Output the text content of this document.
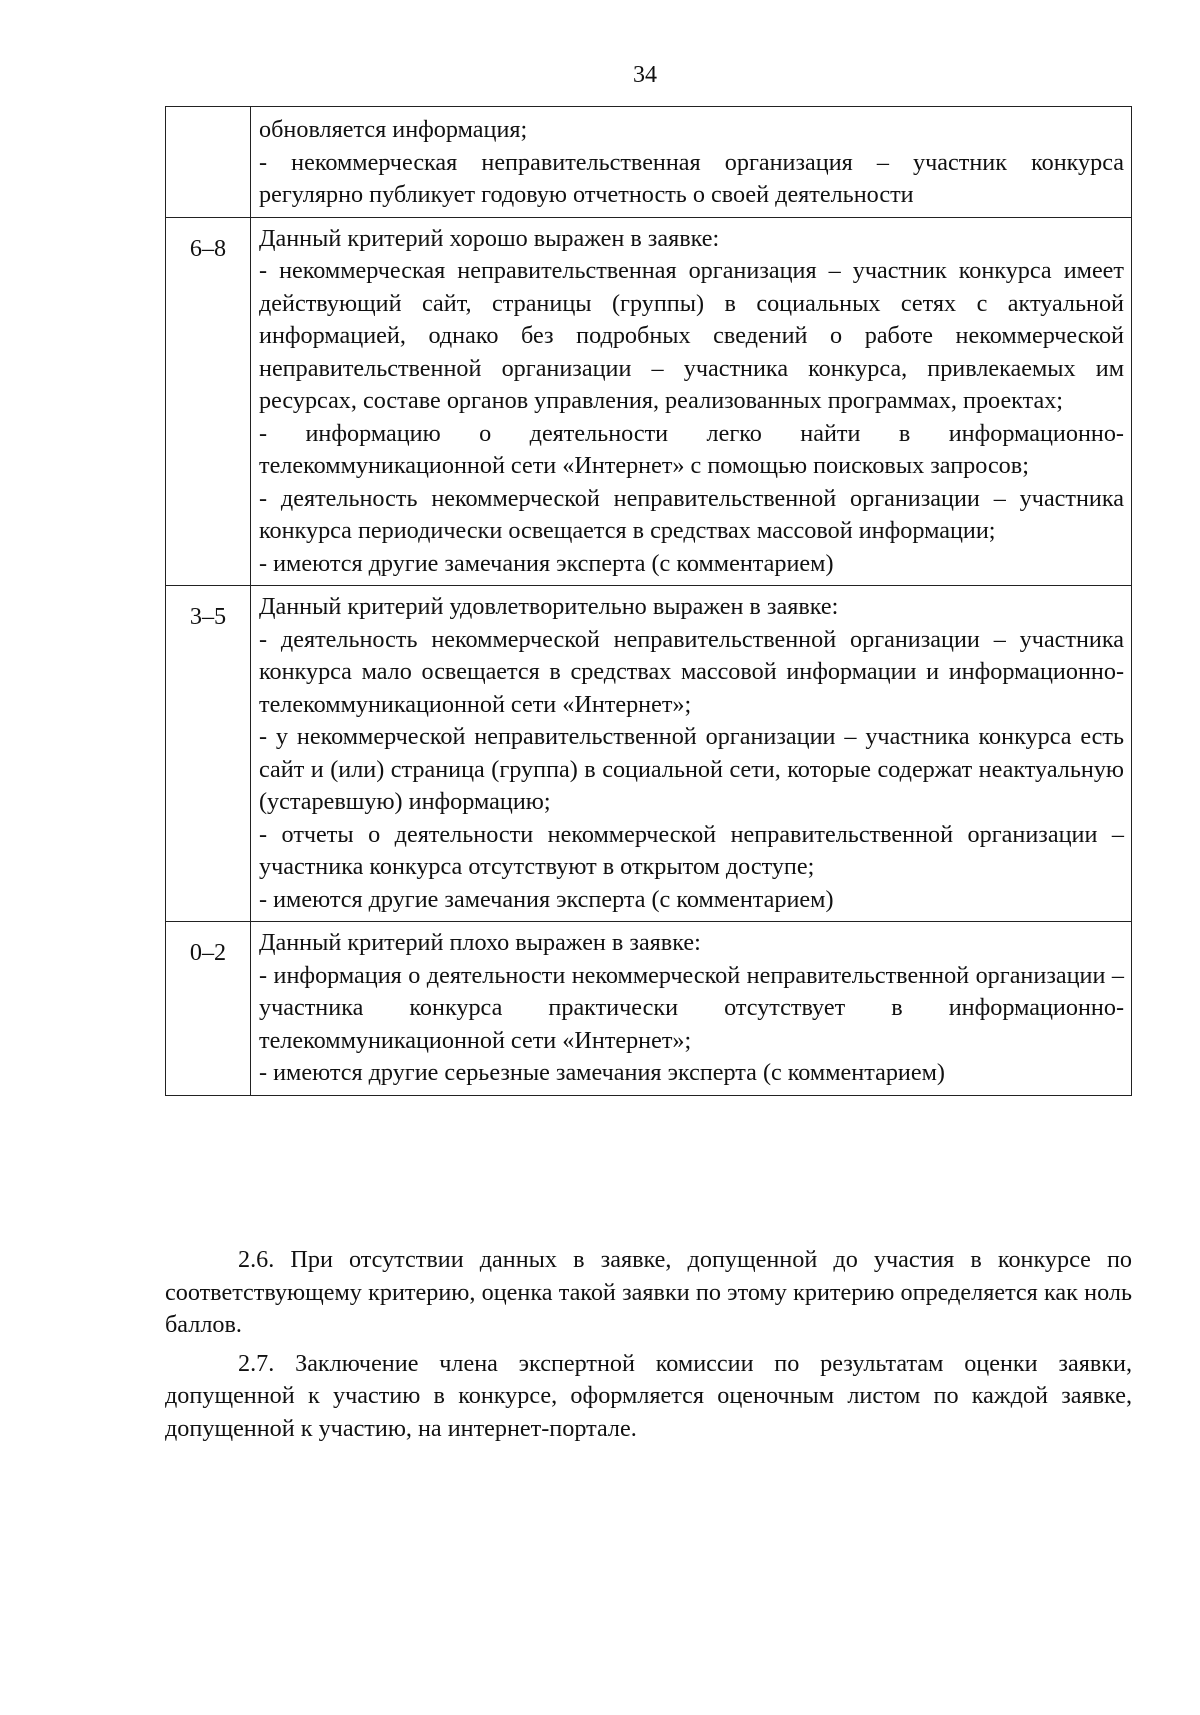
34

	обновляется информация;
- некоммерческая неправительственная организация – участник конкурса регулярно публикует годовую отчетность о своей деятельности

6–8	Данный критерий хорошо выражен в заявке:
- некоммерческая неправительственная организация – участник конкурса имеет действующий сайт, страницы (группы) в социальных сетях с актуальной информацией, однако без подробных сведений о работе некоммерческой неправительственной организации – участника конкурса, привлекаемых им ресурсах, составе органов управления, реализованных программах, проектах;
- информацию о деятельности легко найти в информационно-телекоммуникационной сети «Интернет» с помощью поисковых запросов;
- деятельность некоммерческой неправительственной организации – участника конкурса периодически освещается в средствах массовой информации;
- имеются другие замечания эксперта (с комментарием)

3–5	Данный критерий удовлетворительно выражен в заявке:
- деятельность некоммерческой неправительственной организации – участника конкурса мало освещается в средствах массовой информации и информационно-телекоммуникационной сети «Интернет»;
- у некоммерческой неправительственной организации – участника конкурса есть сайт и (или) страница (группа) в социальной сети, которые содержат неактуальную (устаревшую) информацию;
- отчеты о деятельности некоммерческой неправительственной организации – участника конкурса отсутствуют в открытом доступе;
- имеются другие замечания эксперта (с комментарием)

0–2	Данный критерий плохо выражен в заявке:
- информация о деятельности некоммерческой неправительственной организации – участника конкурса практически отсутствует в информационно-телекоммуникационной сети «Интернет»;
- имеются другие серьезные замечания эксперта (с комментарием)

2.6. При отсутствии данных в заявке, допущенной до участия в конкурсе по соответствующему критерию, оценка такой заявки по этому критерию определяется как ноль баллов.

2.7. Заключение члена экспертной комиссии по результатам оценки заявки, допущенной к участию в конкурсе, оформляется оценочным листом по каждой заявке, допущенной к участию, на интернет-портале.
